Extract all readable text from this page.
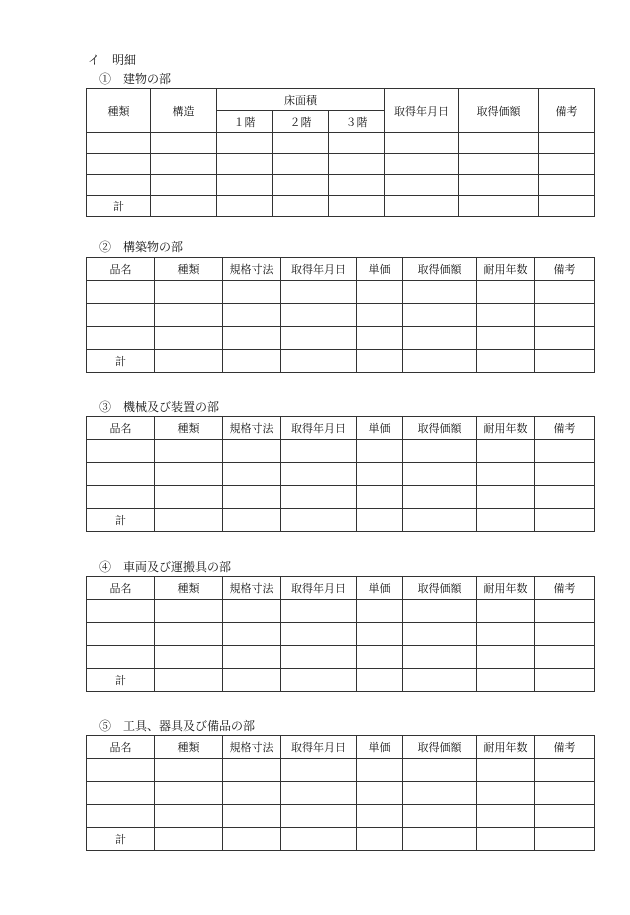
イ　明細
①　建物の部
種類	構造	床面積			取得年月日	取得価額	備考
		１階	２階	３階			

計							
②　構築物の部
品名	種類	規格寸法	取得年月日	単価	取得価額	耐用年数	備考

計							
③　機械及び装置の部
品名	種類	規格寸法	取得年月日	単価	取得価額	耐用年数	備考

計							
④　車両及び運搬具の部
品名	種類	規格寸法	取得年月日	単価	取得価額	耐用年数	備考

計							
⑤　工具、器具及び備品の部
品名	種類	規格寸法	取得年月日	単価	取得価額	耐用年数	備考

計							
